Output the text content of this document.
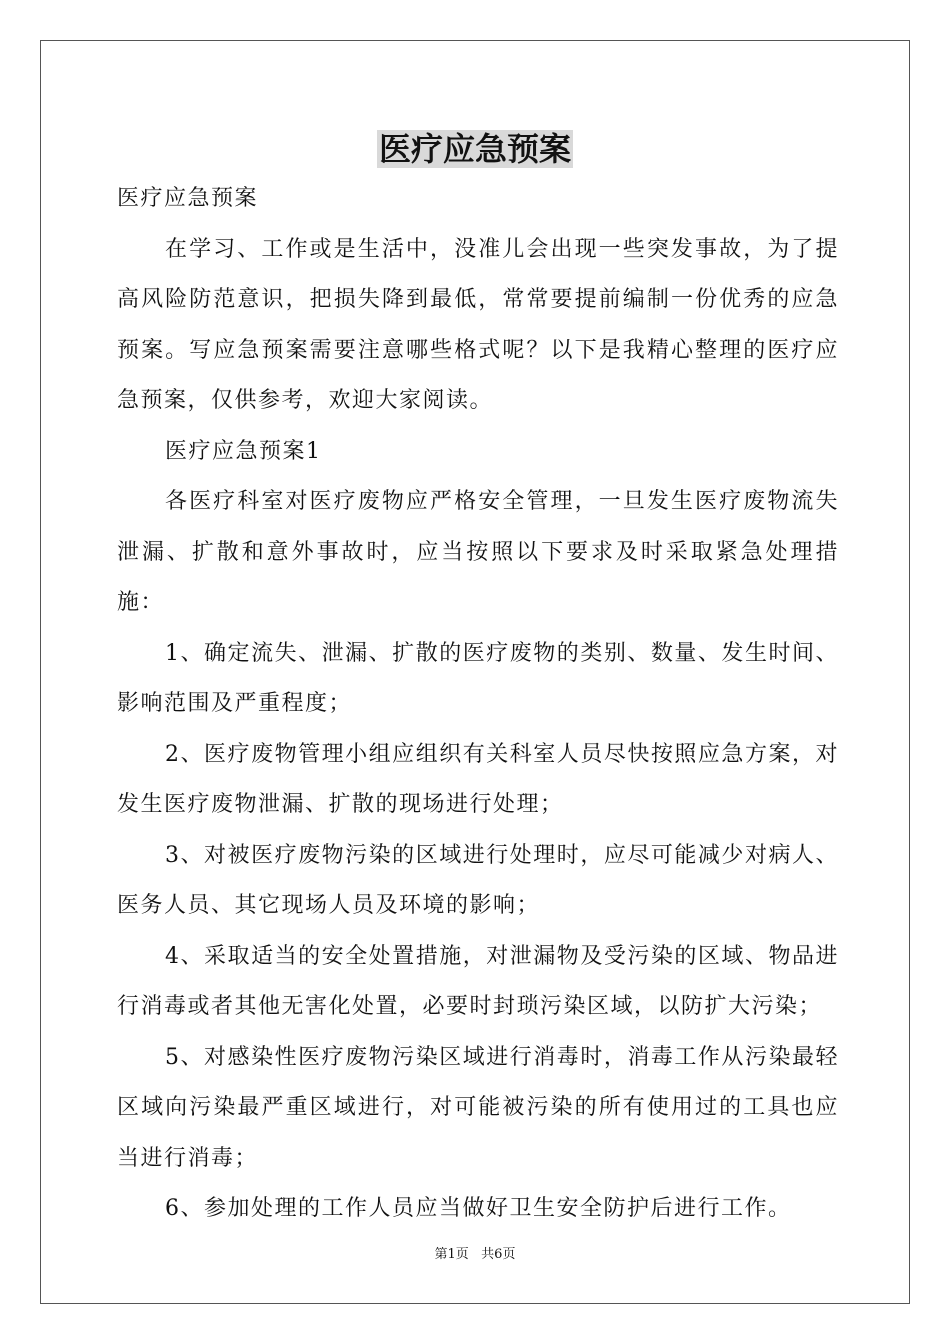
医疗应急预案

医疗应急预案

在学习、工作或是生活中，没准儿会出现一些突发事故，为了提高风险防范意识，把损失降到最低，常常要提前编制一份优秀的应急预案。写应急预案需要注意哪些格式呢？以下是我精心整理的医疗应急预案，仅供参考，欢迎大家阅读。

医疗应急预案1

各医疗科室对医疗废物应严格安全管理，一旦发生医疗废物流失泄漏、扩散和意外事故时，应当按照以下要求及时采取紧急处理措施：

1、确定流失、泄漏、扩散的医疗废物的类别、数量、发生时间、影响范围及严重程度；

2、医疗废物管理小组应组织有关科室人员尽快按照应急方案，对发生医疗废物泄漏、扩散的现场进行处理；

3、对被医疗废物污染的区域进行处理时，应尽可能减少对病人、医务人员、其它现场人员及环境的影响；

4、采取适当的安全处置措施，对泄漏物及受污染的区域、物品进行消毒或者其他无害化处置，必要时封琐污染区域，以防扩大污染；

5、对感染性医疗废物污染区域进行消毒时，消毒工作从污染最轻区域向污染最严重区域进行，对可能被污染的所有使用过的工具也应当进行消毒；

6、参加处理的工作人员应当做好卫生安全防护后进行工作。

第1页   共6页
